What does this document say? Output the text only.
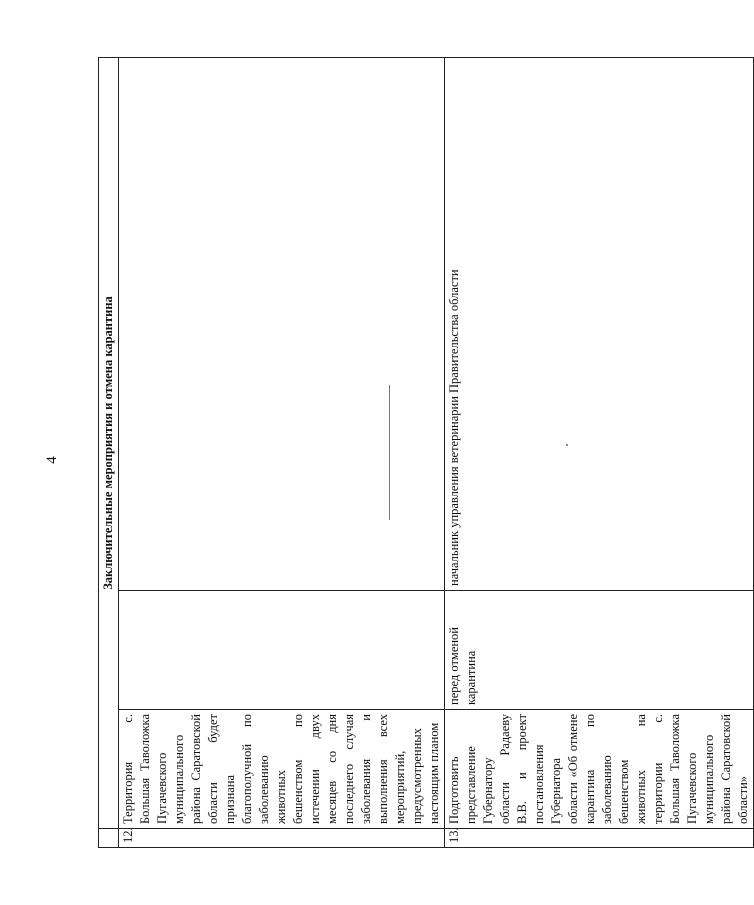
4
		Заключительные мероприятия и отмена карантина		
12.	Территория с. Большая Таволожка Пугачевского муниципального района Саратовской области будет признана благополучной по заболеванию животных бешенством по истечении двух месяцев со дня последнего случая заболевания и выполнения всех мероприятий, предусмотренных настоящим планом		
13.	Подготовить представление Губернатору области Радаеву В.В. и проект постановления Губернатора области «Об отмене карантина по заболеванию бешенством животных на территории с. Большая Таволожка Пугачевского муниципального района Саратовской области»	перед отменой карантина	начальник управления ветеринарии Правительства области
